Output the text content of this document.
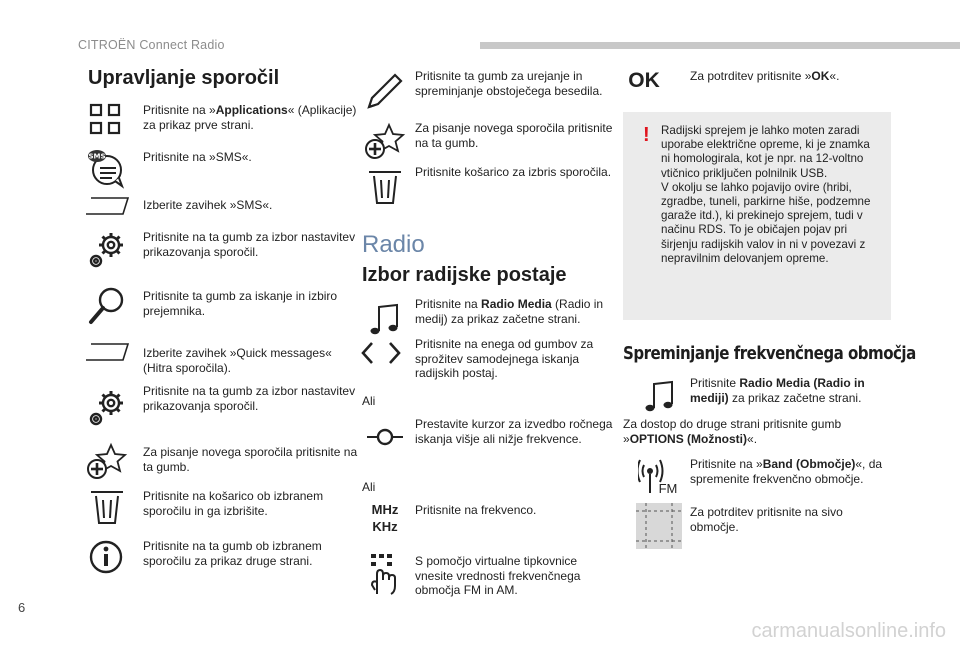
CITROËN Connect Radio
Upravljanje sporočil
Pritisnite na »Applications« (Aplikacije) za prikaz prve strani.
SMS	Pritisnite na »SMS«.
Izberite zavihek »SMS«.
Pritisnite na ta gumb za izbor nastavitev prikazovanja sporočil.
Pritisnite ta gumb za iskanje in izbiro prejemnika.
Izberite zavihek »Quick messages« (Hitra sporočila).
Pritisnite na ta gumb za izbor nastavitev prikazovanja sporočil.
Za pisanje novega sporočila pritisnite na ta gumb.
Pritisnite na košarico ob izbranem sporočilu in ga izbrišite.
Pritisnite na ta gumb ob izbranem sporočilu za prikaz druge strani.
Pritisnite ta gumb za urejanje in spreminjanje obstoječega besedila.
Za pisanje novega sporočila pritisnite na ta gumb.
Pritisnite košarico za izbris sporočila.
Radio
Izbor radijske postaje
Pritisnite na Radio Media (Radio in medij) za prikaz začetne strani.
Pritisnite na enega od gumbov za sprožitev samodejnega iskanja radijskih postaj.
Ali
Prestavite kurzor za izvedbo ročnega iskanja višje ali nižje frekvence.
Ali
MHz
KHz
Pritisnite na frekvenco.
S pomočjo virtualne tipkovnice vnesite vrednosti frekvenčnega območja FM in AM.
OK	Za potrditev pritisnite »OK«.
! Radijski sprejem je lahko moten zaradi uporabe električne opreme, ki je znamka ni homologirala, kot je npr. na 12-voltno vtičnico priključen polnilnik USB.
V okolju se lahko pojavijo ovire (hribi, zgradbe, tuneli, parkirne hiše, podzemne garaže itd.), ki prekinejo sprejem, tudi v načinu RDS. To je običajen pojav pri širjenju radijskih valov in ni v povezavi z nepravilnim delovanjem opreme.
Spreminjanje frekvenčnega območja
Pritisnite Radio Media (Radio in mediji) za prikaz začetne strani.
Za dostop do druge strani pritisnite gumb »OPTIONS (Možnosti)«.
FM
Pritisnite na »Band (Območje)«, da spremenite frekvenčno območje.
Za potrditev pritisnite na sivo območje.
6
carmanualsonline.info
